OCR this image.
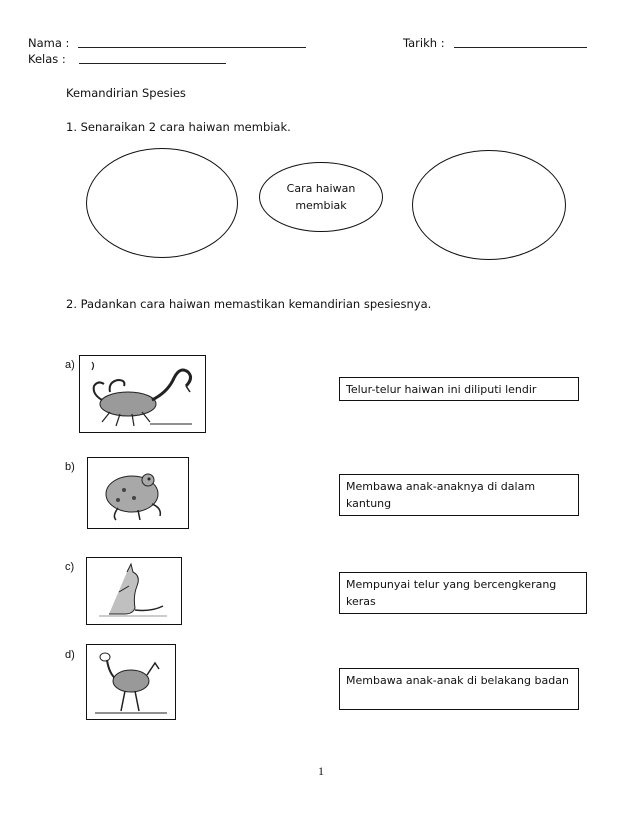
Nama :	Tarikh :
Kelas :
Kemandirian Spesies
1. Senaraikan 2 cara haiwan membiak.
Cara haiwan
membiak
2. Padankan cara haiwan memastikan kemandirian spesiesnya.
a)
Telur-telur haiwan ini diliputi lendir
b)
Membawa anak-anaknya di dalam kantung
c)
Mempunyai telur yang bercengkerang keras
d)
Membawa anak-anak di belakang badan
1
